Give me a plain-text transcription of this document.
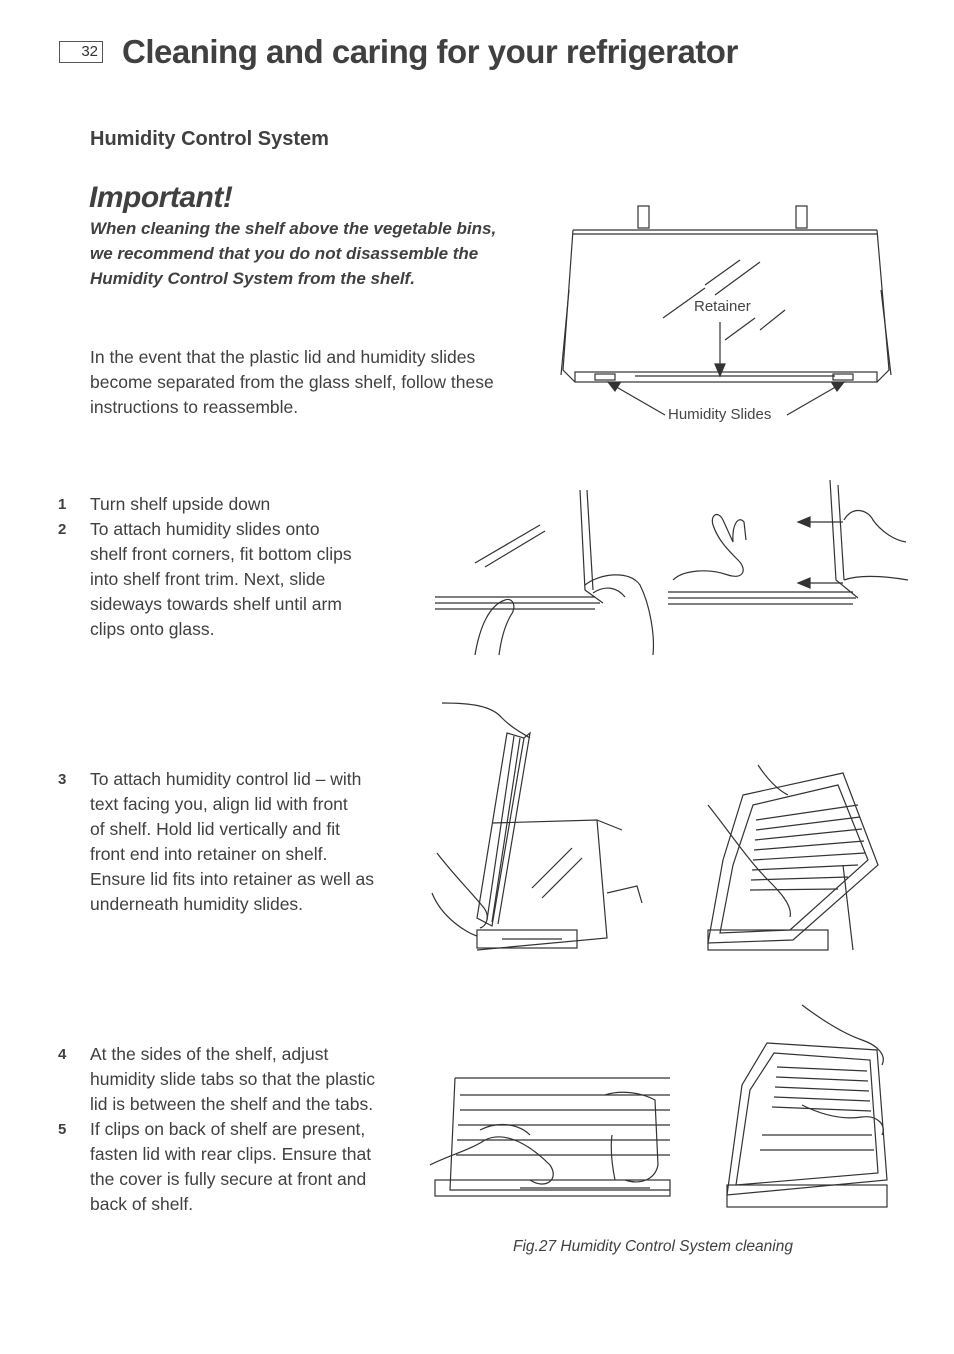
32 Cleaning and caring for your refrigerator
Humidity Control System
Important!
When cleaning the shelf above the vegetable bins,
we recommend that you do not disassemble the
Humidity Control System from the shelf.
In the event that the plastic lid and humidity slides
become separated from the glass shelf, follow these
instructions to reassemble.
Retainer
Humidity Slides
1	Turn shelf upside down
2	To attach humidity slides onto
shelf front corners, fit bottom clips
into shelf front trim. Next, slide
sideways towards shelf until arm
clips onto glass.
3	To attach humidity control lid – with
text facing you, align lid with front
of shelf. Hold lid vertically and fit
front end into retainer on shelf.
Ensure lid fits into retainer as well as
underneath humidity slides.
4	At the sides of the shelf, adjust
humidity slide tabs so that the plastic
lid is between the shelf and the tabs.
5	If clips on back of shelf are present,
fasten lid with rear clips. Ensure that
the cover is fully secure at front and
back of shelf.
Fig.27 Humidity Control System cleaning
